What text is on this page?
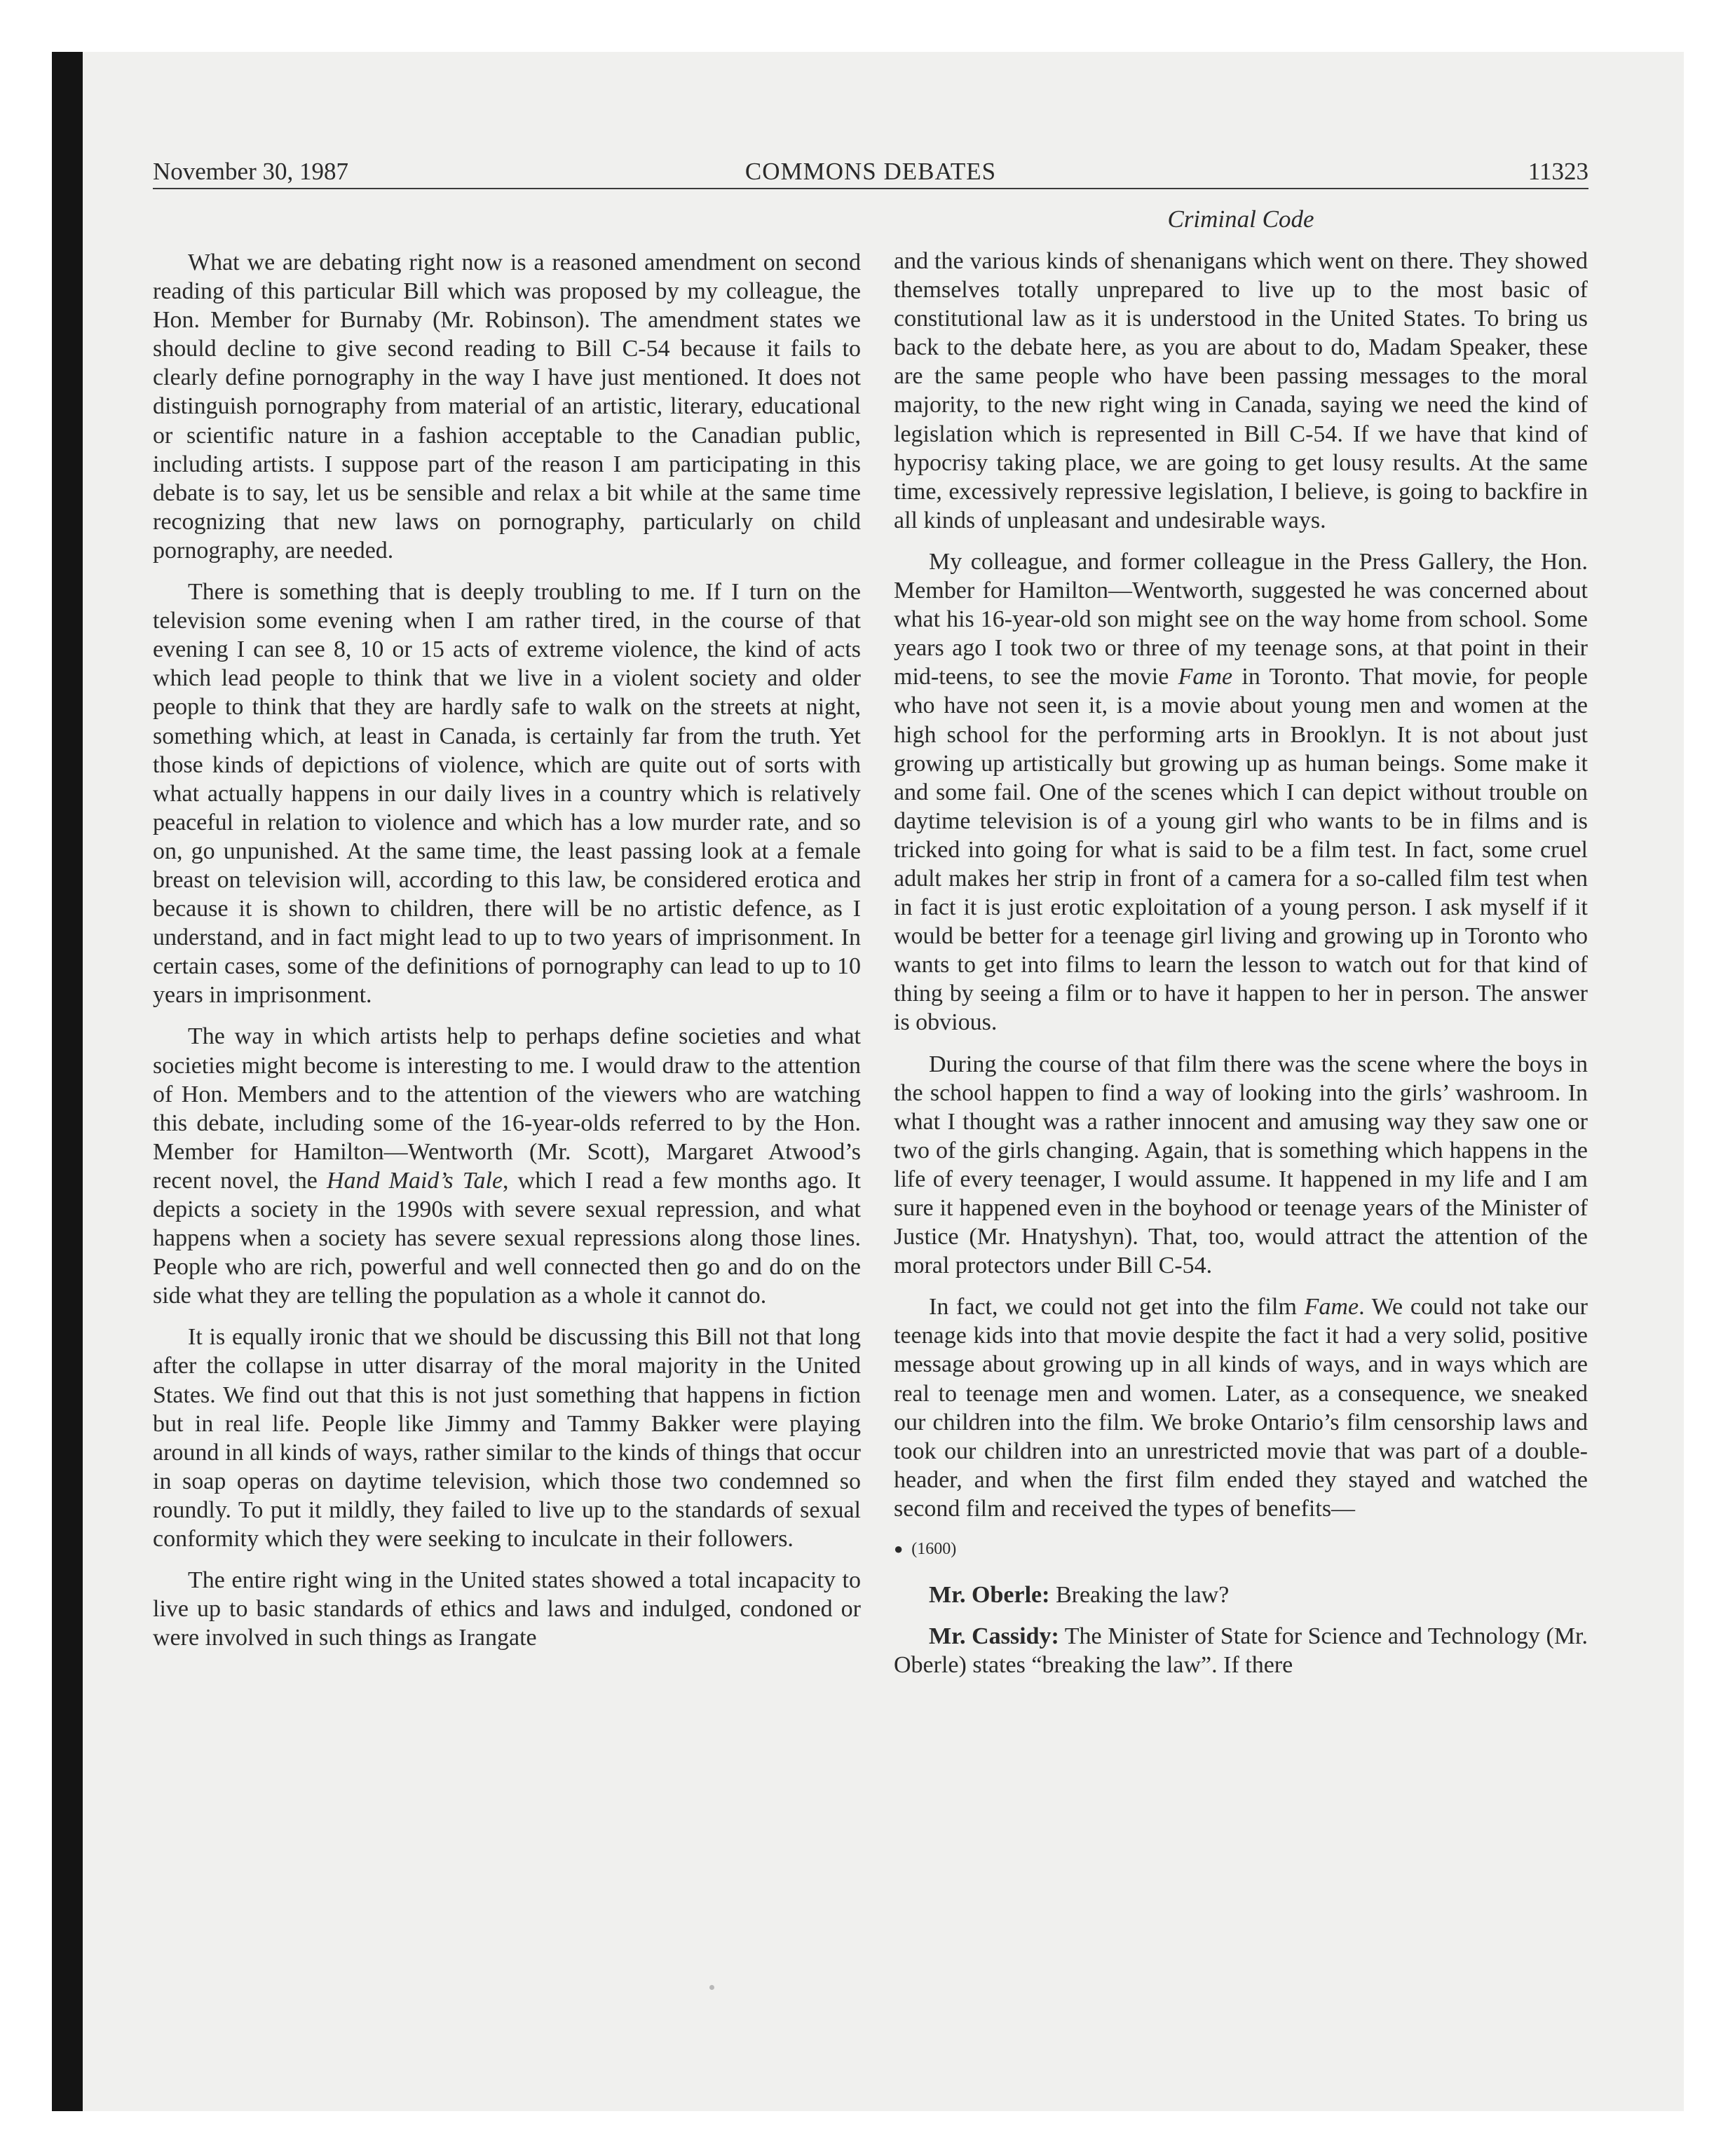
November 30, 1987	COMMONS DEBATES	11323
Criminal Code

What we are debating right now is a reasoned amendment on second reading of this particular Bill which was proposed by my colleague, the Hon. Member for Burnaby (Mr. Robinson). The amendment states we should decline to give second reading to Bill C-54 because it fails to clearly define pornography in the way I have just mentioned. It does not distinguish pornography from material of an artistic, literary, educational or scientific nature in a fashion acceptable to the Canadian public, including artists. I suppose part of the reason I am participating in this debate is to say, let us be sensible and relax a bit while at the same time recognizing that new laws on pornography, particularly on child pornography, are needed.

There is something that is deeply troubling to me. If I turn on the television some evening when I am rather tired, in the course of that evening I can see 8, 10 or 15 acts of extreme violence, the kind of acts which lead people to think that we live in a violent society and older people to think that they are hardly safe to walk on the streets at night, something which, at least in Canada, is certainly far from the truth. Yet those kinds of depictions of violence, which are quite out of sorts with what actually happens in our daily lives in a country which is relatively peaceful in relation to violence and which has a low murder rate, and so on, go unpunished. At the same time, the least passing look at a female breast on television will, according to this law, be considered erotica and because it is shown to children, there will be no artistic defence, as I understand, and in fact might lead to up to two years of imprisonment. In certain cases, some of the definitions of pornography can lead to up to 10 years in imprisonment.

The way in which artists help to perhaps define societies and what societies might become is interesting to me. I would draw to the attention of Hon. Members and to the attention of the viewers who are watching this debate, including some of the 16-year-olds referred to by the Hon. Member for Hamilton—Wentworth (Mr. Scott), Margaret Atwood’s recent novel, the Hand Maid’s Tale, which I read a few months ago. It depicts a society in the 1990s with severe sexual repression, and what happens when a society has severe sexual repressions along those lines. People who are rich, powerful and well connected then go and do on the side what they are telling the population as a whole it cannot do.

It is equally ironic that we should be discussing this Bill not that long after the collapse in utter disarray of the moral majority in the United States. We find out that this is not just something that happens in fiction but in real life. People like Jimmy and Tammy Bakker were playing around in all kinds of ways, rather similar to the kinds of things that occur in soap operas on daytime television, which those two condemned so roundly. To put it mildly, they failed to live up to the standards of sexual conformity which they were seeking to inculcate in their followers.

The entire right wing in the United states showed a total incapacity to live up to basic standards of ethics and laws and indulged, condoned or were involved in such things as Irangate

and the various kinds of shenanigans which went on there. They showed themselves totally unprepared to live up to the most basic of constitutional law as it is understood in the United States. To bring us back to the debate here, as you are about to do, Madam Speaker, these are the same people who have been passing messages to the moral majority, to the new right wing in Canada, saying we need the kind of legislation which is represented in Bill C-54. If we have that kind of hypocrisy taking place, we are going to get lousy results. At the same time, excessively repressive legislation, I believe, is going to backfire in all kinds of unpleasant and undesirable ways.

My colleague, and former colleague in the Press Gallery, the Hon. Member for Hamilton—Wentworth, suggested he was concerned about what his 16-year-old son might see on the way home from school. Some years ago I took two or three of my teenage sons, at that point in their mid-teens, to see the movie Fame in Toronto. That movie, for people who have not seen it, is a movie about young men and women at the high school for the performing arts in Brooklyn. It is not about just growing up artistically but growing up as human beings. Some make it and some fail. One of the scenes which I can depict without trouble on daytime television is of a young girl who wants to be in films and is tricked into going for what is said to be a film test. In fact, some cruel adult makes her strip in front of a camera for a so-called film test when in fact it is just erotic exploitation of a young person. I ask myself if it would be better for a teenage girl living and growing up in Toronto who wants to get into films to learn the lesson to watch out for that kind of thing by seeing a film or to have it happen to her in person. The answer is obvious.

During the course of that film there was the scene where the boys in the school happen to find a way of looking into the girls’ washroom. In what I thought was a rather innocent and amusing way they saw one or two of the girls changing. Again, that is something which happens in the life of every teenager, I would assume. It happened in my life and I am sure it happened even in the boyhood or teenage years of the Minister of Justice (Mr. Hnatyshyn). That, too, would attract the attention of the moral protectors under Bill C-54.

In fact, we could not get into the film Fame. We could not take our teenage kids into that movie despite the fact it had a very solid, positive message about growing up in all kinds of ways, and in ways which are real to teenage men and women. Later, as a consequence, we sneaked our children into the film. We broke Ontario’s film censorship laws and took our children into an unrestricted movie that was part of a double-header, and when the first film ended they stayed and watched the second film and received the types of benefits—

● (1600)

Mr. Oberle: Breaking the law?

Mr. Cassidy: The Minister of State for Science and Technology (Mr. Oberle) states “breaking the law”. If there
